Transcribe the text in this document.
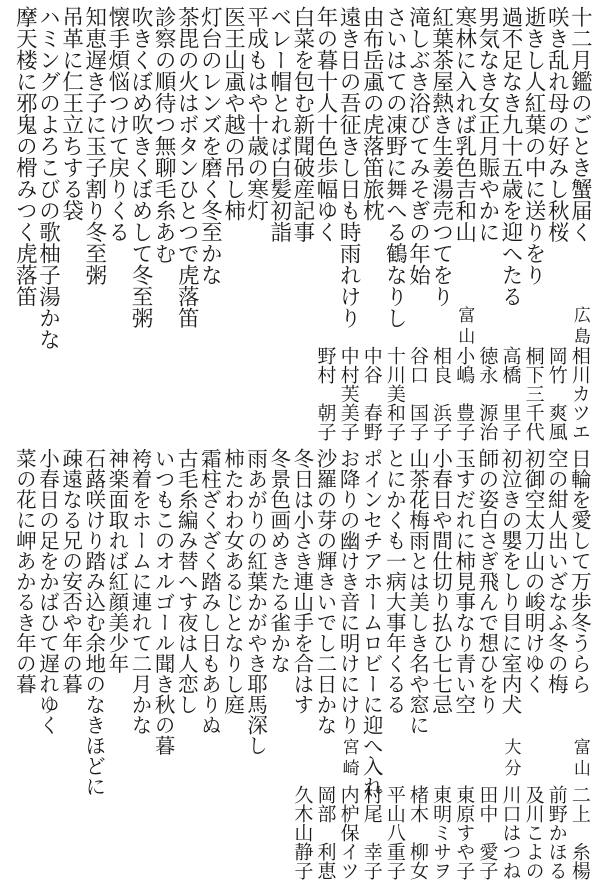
十二月鑑のごとき蟹届く
広島
相川カツエ
咲き乱れ母の好みし秋桜
岡竹　爽風
逝きし人紅葉の中に送りをり
桐下三千代
過不足なき九十五歳を迎へたる
高橋　里子
男気なき女正月賑やかに
徳永　源治
寒林に入れば乳色吉和山
富山
小嶋　豊子
紅葉茶屋熱き生姜湯売つてをり
相良　浜子
滝しぶき浴びてみそぎの年始
谷口　国子
さいはての凍野に舞へる鶴なりし
十川美和子
由布岳颪の虎落笛旅枕
中谷　春野
遠き日の吾征きし日も時雨れけり
中村芙美子
年の暮十人十色歩幅ゆく
野村　朝子
白菜を包む新聞破産記事
ベレー帽とれば白髪初詣
平成もはや十歳の寒灯
医王山颪や越の吊し柿
灯台のレンズを磨く冬至かな
茶毘の火はボタンひとつで虎落笛
診察の順待つ無聊毛糸あむ
吹きくぼめ吹きくぼめして冬至粥
懐手煩悩つけて戻りくる
知恵遅き子に玉子割り冬至粥
吊革に仁王立ちする袋
ハミングのよろこびの歌柚子湯かな
摩天楼に邪鬼の榾みつく虎落笛
日輪を愛して万歩冬うらら
富山
二上　糸楊
空の紺人出いざなふ冬の梅
前野かほる
初御空太刀山の峻明けゆく
及川こよの
初泣きの嬰をしり目に室内犬
大分
川口はつね
師の姿白さぎ飛んで想ひをり
田中　愛子
玉すだれに柿見事なり青い空
東原すや子
小春日や間仕切り払ひ七七忌
東明ミサヲ
山茶花梅雨とは美しき名や窓に
楮木　柳女
とにかくも一病大事年くるる
平山八重子
ポインセチアホームロビーに迎へ入れ
村尾　幸子
お降りの幽けき音に明けにけり
宮崎
内枦保イツ
沙羅の芽の輝きいでし二日かな
岡部　利恵
冬日は小さき連山手を合はす
久木山静子
冬景色画めきたる雀かな
雨あがりの紅葉かがやき耶馬深し
柿たわわ女あるじとなりし庭
霜柱ざくざく踏みし日もありぬ
古毛糸編み替へす夜は人恋し
いつもこのオルゴール聞き秋の暮
袴着をホームに連れて二月かな
神楽面取れば紅顔美少年
石蕗咲けり踏み込む余地のなきほどに
疎遠なる兄の安否や年の暮
小春日の足をかばひて遅れゆく
菜の花に岬あかるき年の暮
